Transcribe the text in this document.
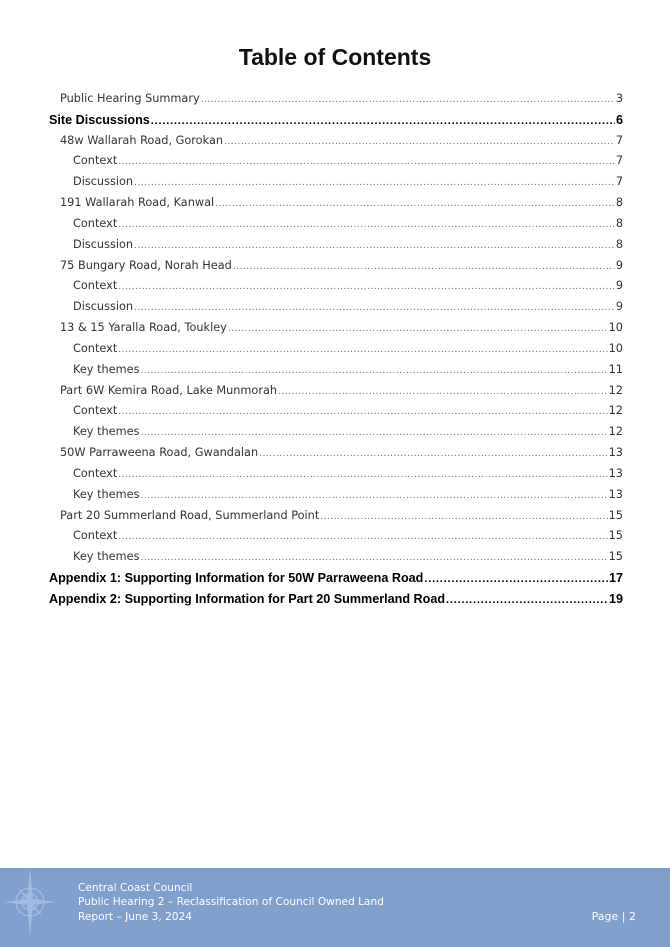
Table of Contents
Public Hearing Summary .....	3
Site Discussions .....	6
48w Wallarah Road, Gorokan .....	7
Context .....	7
Discussion .....	7
191 Wallarah Road, Kanwal .....	8
Context .....	8
Discussion .....	8
75 Bungary Road, Norah Head .....	9
Context .....	9
Discussion .....	9
13 & 15 Yaralla Road, Toukley .....	10
Context .....	10
Key themes .....	11
Part 6W Kemira Road, Lake Munmorah .....	12
Context .....	12
Key themes .....	12
50W Parraweena Road, Gwandalan .....	13
Context .....	13
Key themes .....	13
Part 20 Summerland Road, Summerland Point .....	15
Context .....	15
Key themes .....	15
Appendix 1: Supporting Information for 50W Parraweena Road .....	17
Appendix 2: Supporting Information for Part 20 Summerland Road .....	19
Central Coast Council
Public Hearing 2 – Reclassification of Council Owned Land
Report – June 3, 2024	Page | 2
